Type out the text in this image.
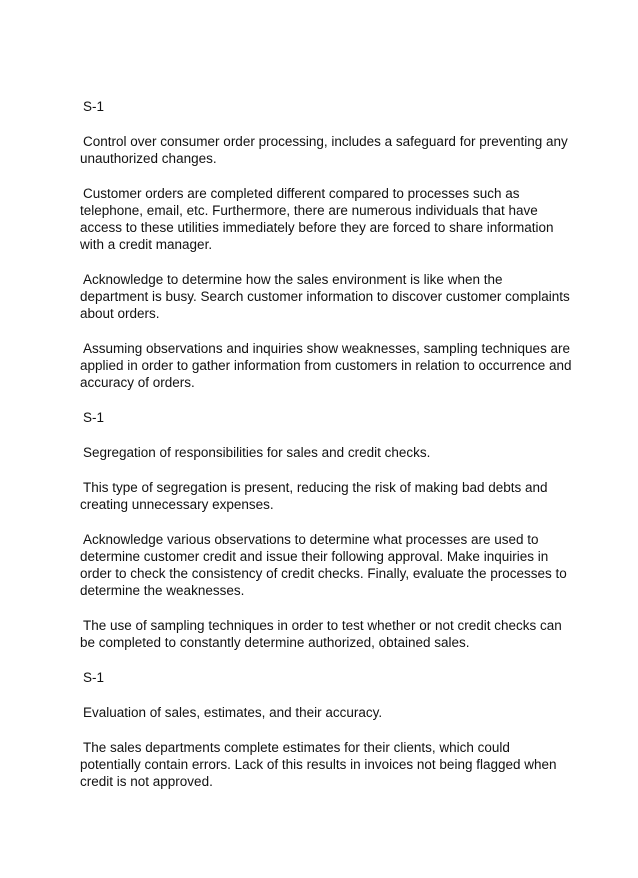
S-1

Control over consumer order processing, includes a safeguard for preventing any unauthorized changes.

Customer orders are completed different compared to processes such as telephone, email, etc. Furthermore, there are numerous individuals that have access to these utilities immediately before they are forced to share information with a credit manager.

Acknowledge to determine how the sales environment is like when the department is busy. Search customer information to discover customer complaints about orders.

Assuming observations and inquiries show weaknesses, sampling techniques are applied in order to gather information from customers in relation to occurrence and accuracy of orders.

S-1

Segregation of responsibilities for sales and credit checks.

This type of segregation is present, reducing the risk of making bad debts and creating unnecessary expenses.

Acknowledge various observations to determine what processes are used to determine customer credit and issue their following approval. Make inquiries in order to check the consistency of credit checks. Finally, evaluate the processes to determine the weaknesses.

The use of sampling techniques in order to test whether or not credit checks can be completed to constantly determine authorized, obtained sales.

S-1

Evaluation of sales, estimates, and their accuracy.

The sales departments complete estimates for their clients, which could potentially contain errors. Lack of this results in invoices not being flagged when credit is not approved.
